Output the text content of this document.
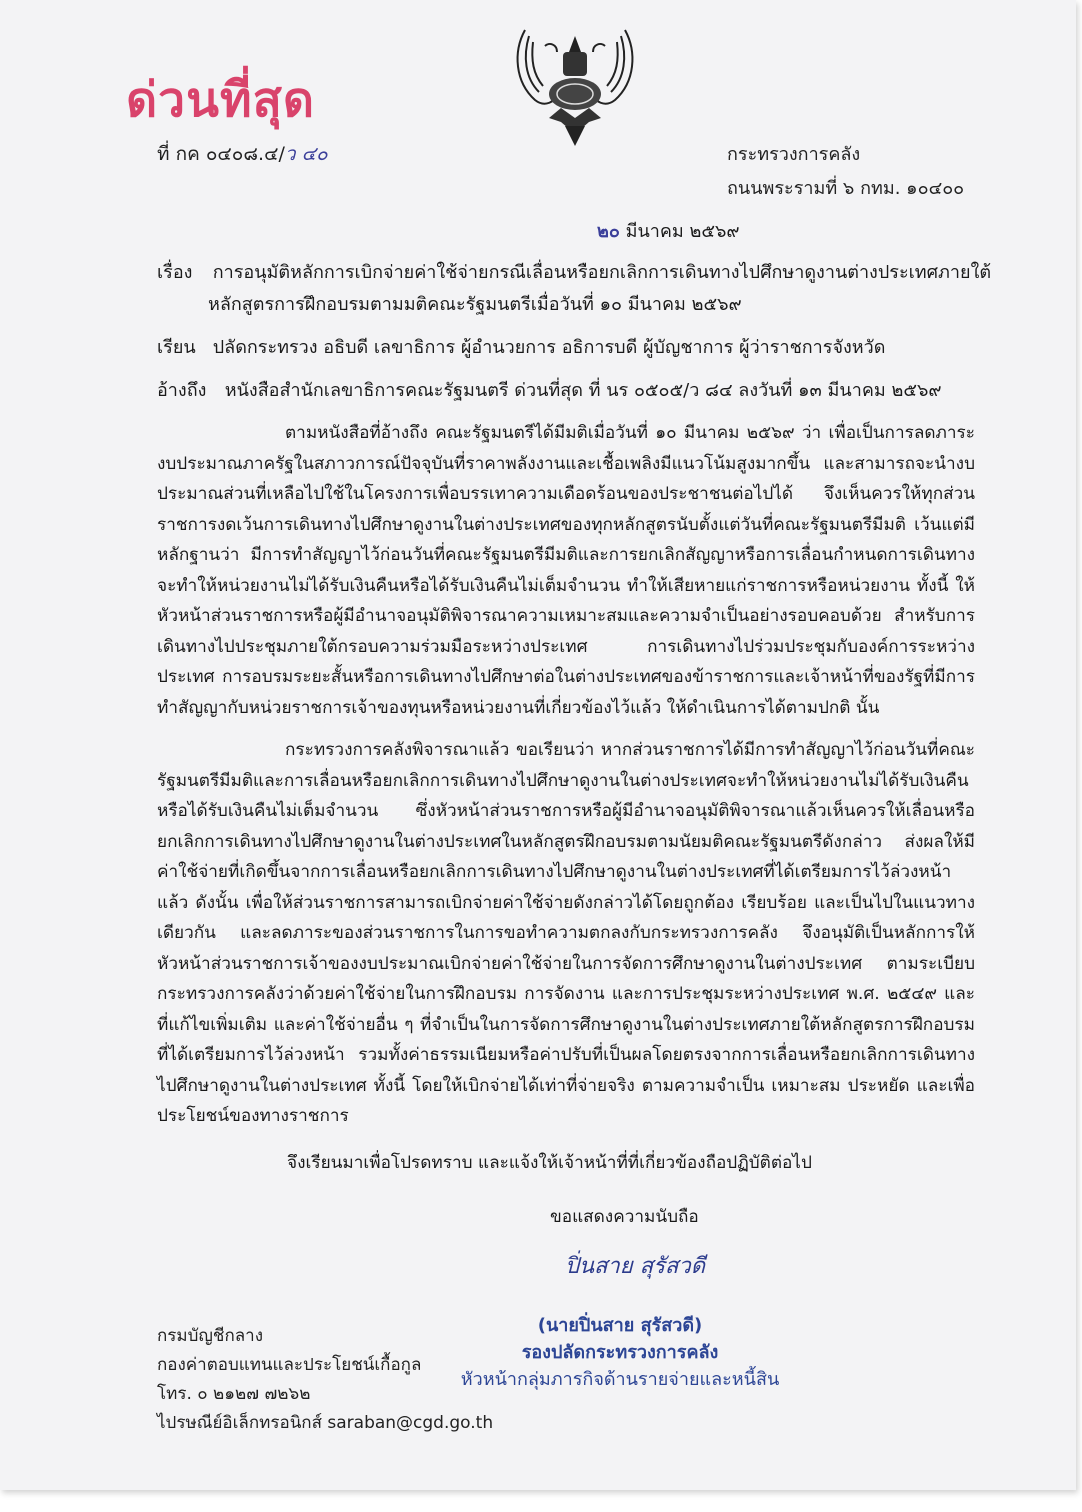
ด่วนที่สุด
ที่ กค ๐๔๐๘.๔/ว ๔๐	กระทรวงการคลัง
ถนนพระรามที่ ๖ กทม. ๑๐๔๐๐
๒๐ มีนาคม ๒๕๖๙
เรื่อง การอนุมัติหลักการเบิกจ่ายค่าใช้จ่ายกรณีเลื่อนหรือยกเลิกการเดินทางไปศึกษาดูงานต่างประเทศภายใต้
หลักสูตรการฝึกอบรมตามมติคณะรัฐมนตรีเมื่อวันที่ ๑๐ มีนาคม ๒๕๖๙
เรียน ปลัดกระทรวง อธิบดี เลขาธิการ ผู้อำนวยการ อธิการบดี ผู้บัญชาการ ผู้ว่าราชการจังหวัด
อ้างถึง หนังสือสำนักเลขาธิการคณะรัฐมนตรี ด่วนที่สุด ที่ นร ๐๕๐๕/ว ๘๔ ลงวันที่ ๑๓ มีนาคม ๒๕๖๙

ตามหนังสือที่อ้างถึง คณะรัฐมนตรีได้มีมติเมื่อวันที่ ๑๐ มีนาคม ๒๕๖๙ ว่า เพื่อเป็นการลดภาระงบประมาณภาครัฐในสภาวการณ์ปัจจุบันที่ราคาพลังงานและเชื้อเพลิงมีแนวโน้มสูงมากขึ้น และสามารถจะนำงบประมาณส่วนที่เหลือไปใช้ในโครงการเพื่อบรรเทาความเดือดร้อนของประชาชนต่อไปได้ จึงเห็นควรให้ทุกส่วนราชการงดเว้นการเดินทางไปศึกษาดูงานในต่างประเทศของทุกหลักสูตรนับตั้งแต่วันที่คณะรัฐมนตรีมีมติ เว้นแต่มีหลักฐานว่า มีการทำสัญญาไว้ก่อนวันที่คณะรัฐมนตรีมีมติและการยกเลิกสัญญาหรือการเลื่อนกำหนดการเดินทางจะทำให้หน่วยงานไม่ได้รับเงินคืนหรือได้รับเงินคืนไม่เต็มจำนวน ทำให้เสียหายแก่ราชการหรือหน่วยงาน ทั้งนี้ ให้หัวหน้าส่วนราชการหรือผู้มีอำนาจอนุมัติพิจารณาความเหมาะสมและความจำเป็นอย่างรอบคอบด้วย สำหรับการเดินทางไปประชุมภายใต้กรอบความร่วมมือระหว่างประเทศ การเดินทางไปร่วมประชุมกับองค์การระหว่างประเทศ การอบรมระยะสั้นหรือการเดินทางไปศึกษาต่อในต่างประเทศของข้าราชการและเจ้าหน้าที่ของรัฐที่มีการทำสัญญากับหน่วยราชการเจ้าของทุนหรือหน่วยงานที่เกี่ยวข้องไว้แล้ว ให้ดำเนินการได้ตามปกติ นั้น

กระทรวงการคลังพิจารณาแล้ว ขอเรียนว่า หากส่วนราชการได้มีการทำสัญญาไว้ก่อนวันที่คณะรัฐมนตรีมีมติและการเลื่อนหรือยกเลิกการเดินทางไปศึกษาดูงานในต่างประเทศจะทำให้หน่วยงานไม่ได้รับเงินคืนหรือได้รับเงินคืนไม่เต็มจำนวน ซึ่งหัวหน้าส่วนราชการหรือผู้มีอำนาจอนุมัติพิจารณาแล้วเห็นควรให้เลื่อนหรือยกเลิกการเดินทางไปศึกษาดูงานในต่างประเทศในหลักสูตรฝึกอบรมตามนัยมติคณะรัฐมนตรีดังกล่าว ส่งผลให้มีค่าใช้จ่ายที่เกิดขึ้นจากการเลื่อนหรือยกเลิกการเดินทางไปศึกษาดูงานในต่างประเทศที่ได้เตรียมการไว้ล่วงหน้าแล้ว ดังนั้น เพื่อให้ส่วนราชการสามารถเบิกจ่ายค่าใช้จ่ายดังกล่าวได้โดยถูกต้อง เรียบร้อย และเป็นไปในแนวทางเดียวกัน และลดภาระของส่วนราชการในการขอทำความตกลงกับกระทรวงการคลัง จึงอนุมัติเป็นหลักการให้หัวหน้าส่วนราชการเจ้าของงบประมาณเบิกจ่ายค่าใช้จ่ายในการจัดการศึกษาดูงานในต่างประเทศ ตามระเบียบกระทรวงการคลังว่าด้วยค่าใช้จ่ายในการฝึกอบรม การจัดงาน และการประชุมระหว่างประเทศ พ.ศ. ๒๕๔๙ และที่แก้ไขเพิ่มเติม และค่าใช้จ่ายอื่น ๆ ที่จำเป็นในการจัดการศึกษาดูงานในต่างประเทศภายใต้หลักสูตรการฝึกอบรมที่ได้เตรียมการไว้ล่วงหน้า รวมทั้งค่าธรรมเนียมหรือค่าปรับที่เป็นผลโดยตรงจากการเลื่อนหรือยกเลิกการเดินทางไปศึกษาดูงานในต่างประเทศ ทั้งนี้ โดยให้เบิกจ่ายได้เท่าที่จ่ายจริง ตามความจำเป็น เหมาะสม ประหยัด และเพื่อประโยชน์ของทางราชการ

จึงเรียนมาเพื่อโปรดทราบ และแจ้งให้เจ้าหน้าที่ที่เกี่ยวข้องถือปฏิบัติต่อไป
ขอแสดงความนับถือ
ปิ่นสาย สุรัสวดี
(นายปิ่นสาย สุรัสวดี)
รองปลัดกระทรวงการคลัง
หัวหน้ากลุ่มภารกิจด้านรายจ่ายและหนี้สิน
กรมบัญชีกลาง
กองค่าตอบแทนและประโยชน์เกื้อกูล
โทร. ๐ ๒๑๒๗ ๗๒๖๒
ไปรษณีย์อิเล็กทรอนิกส์ saraban@cgd.go.th
